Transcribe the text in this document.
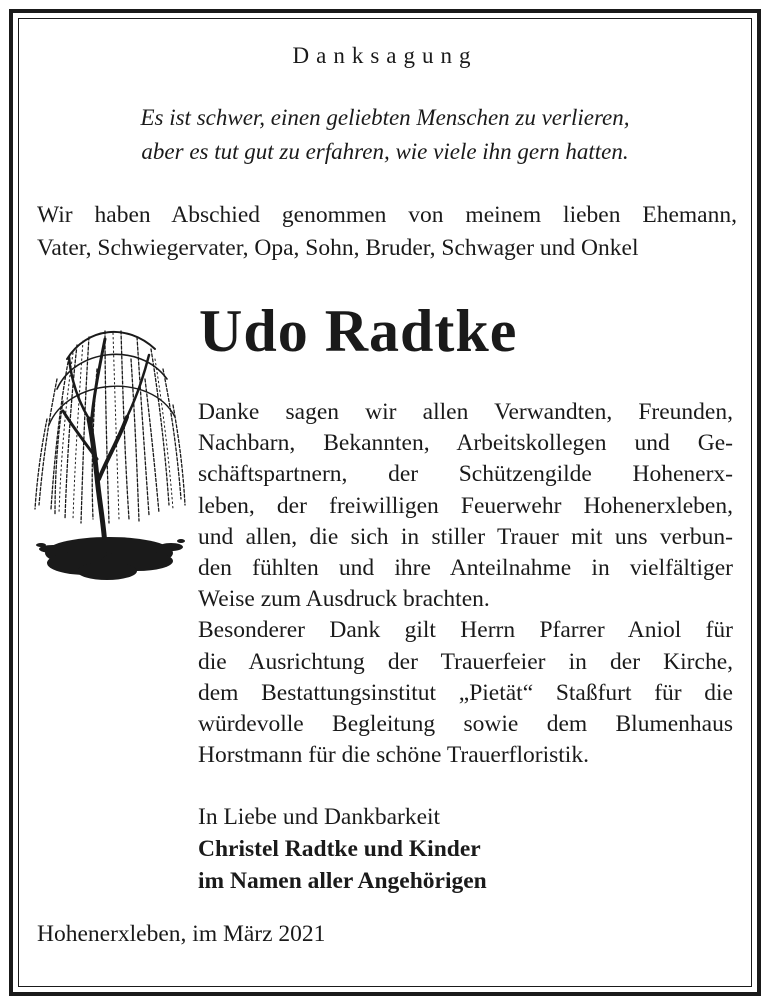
Danksagung
Es ist schwer, einen geliebten Menschen zu verlieren,
aber es tut gut zu erfahren, wie viele ihn gern hatten.
Wir haben Abschied genommen von meinem lieben Ehemann,
Vater, Schwiegervater, Opa, Sohn, Bruder, Schwager und Onkel
Udo Radtke
Danke sagen wir allen Verwandten, Freunden,
Nachbarn, Bekannten, Arbeitskollegen und Ge-
schäftspartnern, der Schützengilde Hohenerx-
leben, der freiwilligen Feuerwehr Hohenerxleben,
und allen, die sich in stiller Trauer mit uns verbun-
den fühlten und ihre Anteilnahme in vielfältiger
Weise zum Ausdruck brachten.
Besonderer Dank gilt Herrn Pfarrer Aniol für
die Ausrichtung der Trauerfeier in der Kirche,
dem Bestattungsinstitut „Pietät“ Staßfurt für die
würdevolle Begleitung sowie dem Blumenhaus
Horstmann für die schöne Trauerfloristik.
In Liebe und Dankbarkeit
Christel Radtke und Kinder
im Namen aller Angehörigen
Hohenerxleben, im März 2021
